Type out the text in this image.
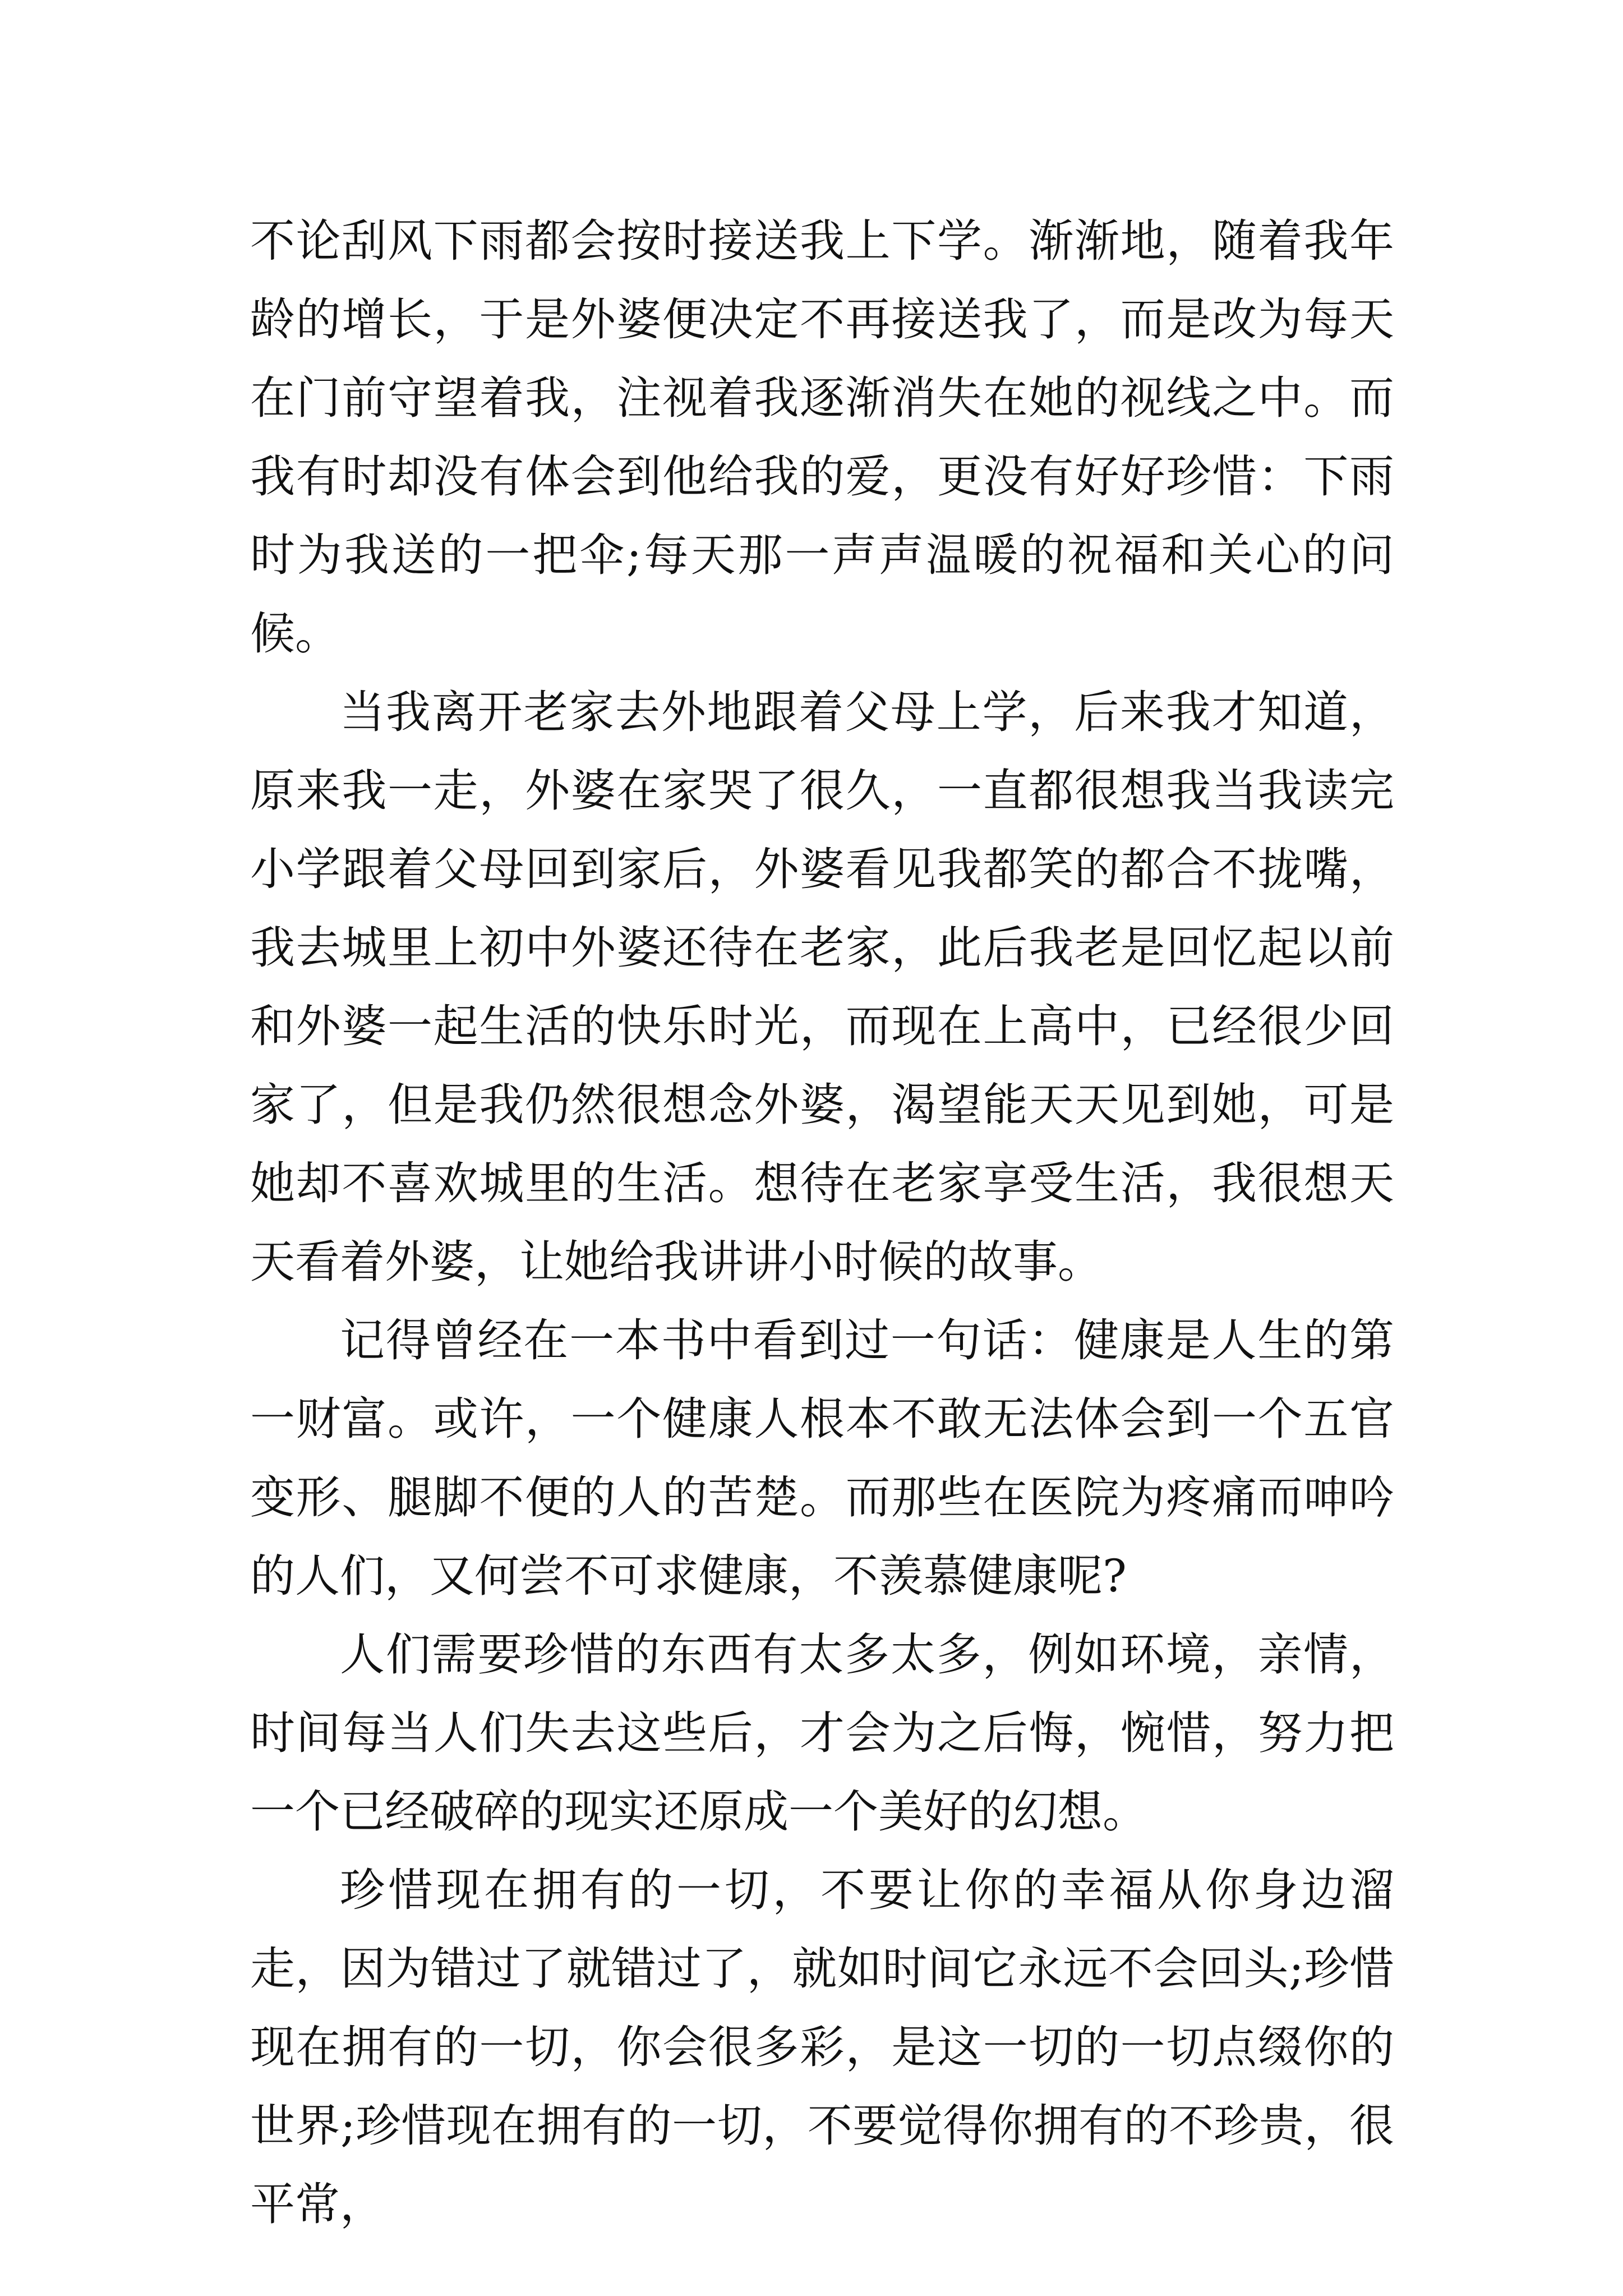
不论刮风下雨都会按时接送我上下学。渐渐地，随着我年龄的增长，于是外婆便决定不再接送我了，而是改为每天在门前守望着我，注视着我逐渐消失在她的视线之中。而我有时却没有体会到他给我的爱，更没有好好珍惜：下雨时为我送的一把伞;每天那一声声温暖的祝福和关心的问候。

当我离开老家去外地跟着父母上学，后来我才知道，原来我一走，外婆在家哭了很久，一直都很想我当我读完小学跟着父母回到家后，外婆看见我都笑的都合不拢嘴，我去城里上初中外婆还待在老家，此后我老是回忆起以前和外婆一起生活的快乐时光，而现在上高中，已经很少回家了，但是我仍然很想念外婆，渴望能天天见到她，可是她却不喜欢城里的生活。想待在老家享受生活，我很想天天看着外婆，让她给我讲讲小时候的故事。

记得曾经在一本书中看到过一句话：健康是人生的第一财富。或许，一个健康人根本不敢无法体会到一个五官变形、腿脚不便的人的苦楚。而那些在医院为疼痛而呻吟的人们，又何尝不可求健康，不羡慕健康呢?

人们需要珍惜的东西有太多太多，例如环境，亲情，时间每当人们失去这些后，才会为之后悔，惋惜，努力把一个已经破碎的现实还原成一个美好的幻想。

珍惜现在拥有的一切，不要让你的幸福从你身边溜走，因为错过了就错过了，就如时间它永远不会回头;珍惜现在拥有的一切，你会很多彩，是这一切的一切点缀你的世界;珍惜现在拥有的一切，不要觉得你拥有的不珍贵，很平常，
